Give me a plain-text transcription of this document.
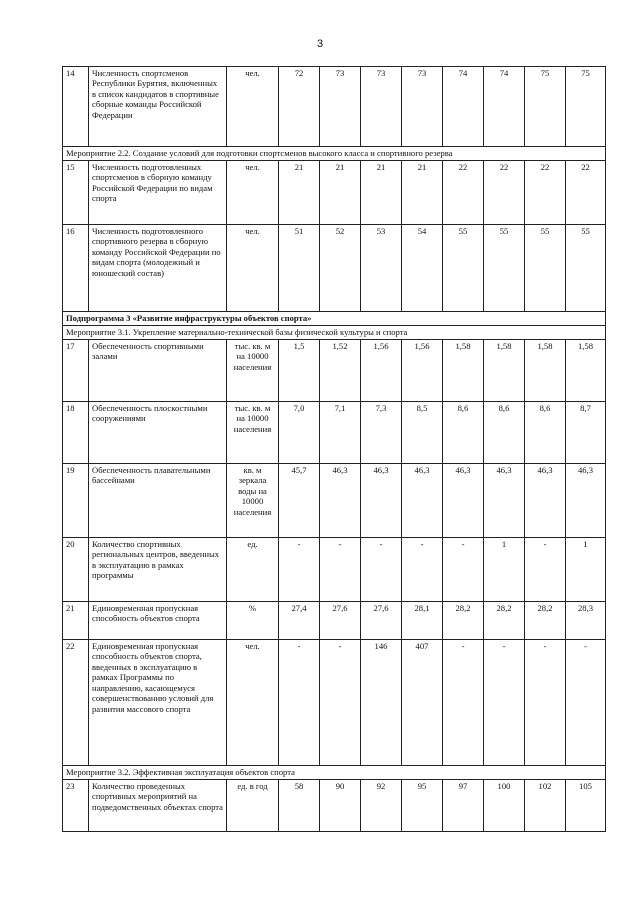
3
14	Численность спортсменов Республики Бурятия, включенных в список кандидатов в спортивные сборные команды Российской Федерации	чел.	72	73	73	73	74	74	75	75
Мероприятие 2.2. Создание условий для подготовки спортсменов высокого класса и спортивного резерва										
15	Численность подготовленных спортсменов в сборную команду Российской Федерации по видам спорта	чел.	21	21	21	21	22	22	22	22
16	Численность подготовленного спортивного резерва в сборную команду Российской Федерации по видам спорта (молодежный и юношеский состав)	чел.	51	52	53	54	55	55	55	55
Подпрограмма 3 «Развитие инфраструктуры объектов спорта»										
Мероприятие 3.1. Укрепление материально-технической базы физической культуры и спорта										
17	Обеспеченность спортивными залами	тыс. кв. м на 10000 населения	1,5	1,52	1,56	1,56	1,58	1,58	1,58	1,58
18	Обеспеченность плоскостными сооружениями	тыс. кв. м на 10000 населения	7,0	7,1	7,3	8,5	8,6	8,6	8,6	8,7
19	Обеспеченность плавательными бассейнами	кв. м зеркала воды на 10000 населения	45,7	46,3	46,3	46,3	46,3	46,3	46,3	46,3
20	Количество спортивных региональных центров, введенных в эксплуатацию в рамках программы	ед.	-	-	-	-	-	1	-	1
21	Единовременная пропускная способность объектов спорта	%	27,4	27,6	27,6	28,1	28,2	28,2	28,2	28,3
22	Единовременная пропускная способность объектов спорта, введенных в эксплуатацию в рамках Программы по направлению, касающемуся совершенствованию условий для развития массового спорта	чел.	-	-	146	407	-	-	-	-
Мероприятие 3.2. Эффективная эксплуатация объектов спорта										
23	Количество проведенных спортивных мероприятий на подведомственных объектах спорта	ед. в год	58	90	92	95	97	100	102	105
